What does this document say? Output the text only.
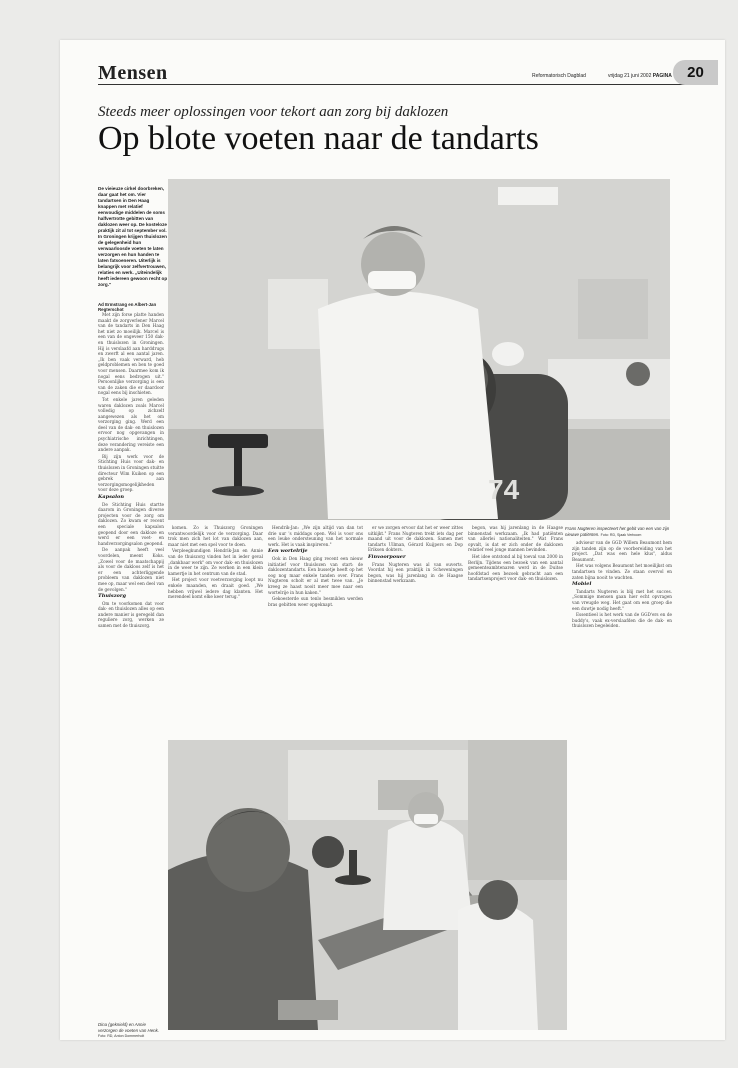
Mensen	Reformatorisch Dagblad	vrijdag 21 juni 2002 PAGINA	20
Steeds meer oplossingen voor tekort aan zorg bij daklozen
Op blote voeten naar de tandarts
De vieieuze cirkel doorbreken, daar gaat het om. Vier tandartsen in Den Haag knappen met relatief eenvoudige middelen de soms halfvertrotte gebitten van daklozen weer op. De kosteloze praktijk zit al tot september vol. In Groningen krijgen thuislozen de gelegenheid hun verwaarloosde voeten te laten verzorgen en hun handen te laten fatsoeneren. Uiterlijk is belangrijk voor zelfvertrouwen, relaties en werk. „Uiteindelijk heeft iedereen gewoon recht op zorg."
Ad Ermstrang en Albert-Jan Regterschot

Met zijn forse platte handen maakt de zorgverlener Marcel van de tandarts in Den Haag het niet zo moeilijk. Marcel is een van de ongeveer 150 dak- en thuislozen in Groningen. Hij is verslaafd aan harddrugs en zwerft al een aantal jaren. „Ik ben vaak verward, heb geldproblemen en ben te goed voor mensen. Daarmee kom ik nogal eens bedrogen uit." Persoonlijke verzorging is een van de zaken die er daardoor nogal eens bij inschieten.

Tot enkele jaren geleden waren daklozen zoals Marcel volledig op zichzelf aangewezen als het om verzorging ging. Werd een deel van de dak- en thuislozen ervoor nog opgevangen in psychiatrische inrichtingen, deze verandering vereiste een andere aanpak.

Bij zijn werk voor de Stichting Huis voor dak- en thuislozen in Groningen stuitte directeur Wim Kuiken op een gebrek aan verzorgingsmogelijkheden voor deze groep.

Kapsalon

De Stichting Huis startte daarom in Groningen diverse projecten voor de zorg om daklozen. Zo kwam er recent een speciale kapsalon geopend door een dakloze en werd er een voet- en handverzorgingsalon geopend.

De aanpak heeft veel voordelen, meent Koks. „Zowel voor de maatschappij als voor de dakloos zelf is het er een achterliggende probleem van daklozen niet mee op, maar wel een deel van de gevolgen."

Thuiszorg

Om te voorkomen dat voor dak- en thuislozen alles op een andere manier is geregeld dan reguliere zorg, werken ze samen met de thuiszorg.

Dina (geknield) en Annie verzorgen de voeten van Henk. Foto: RD, Anton Dommerholt
74
Frans Nugteren inspecteert het gebit van een van zijn nieuwe patiënten. Foto: RD, Sjaak Verboom

komen. Zo is Thuiszorg Groningen verantwoordelijk voor de verzorging. Daar trok men zich het lot van daklozen aan, maar niet met een spel voor te doen.

Verpleegkundigen Hendrik-Jan en Annie van de thuiszorg vinden het in ieder geval „dankbaar werk" om voor dak- en thuislozen in de weer te zijn. Ze werken in een klein kamertje in het centrum van de stad.

Het project voor voetverzorging loopt nu enkele maanden, en draait goed. „We hebben vrijwel iedere dag klanten. Het merendeel komt elke keer terug."

Hendrik-Jan: „We zijn altijd van dan tot drie uur 's middags open. Wel is voor ons een leuke ondersteuning van het normale werk. Het is vaak inspireren."

Een wortelrije

Ook in Den Haag ging recent een nieuw initiatief voor thuislozen van start: de daklozentandarts. Een bussetje heeft op het oog nog maar enkele tanden over. Frans Nugteren scholt er al met twee van. „Je kreeg ze haast nooit meer mee naar een wortelrije in hun kaken."

Gekoesterde sun tenlo besmiklen werden bras gebitten weer opgeknapt.

er we zorgen ervoor dat het er weer zittes uitkijkt." Frans Nugteren trekt iets dag per maand uit voor de daklozen. Samen met tandarts Ullman, Gérard Kuijpers en Dop Eriksen dokters.

Finvoorpouer

Frans Nugteren was al van ouverts. Voordat hij een praktijk in Scheveningen begon, was hij jarenlang in de Haagse binnenstad werkzaam.

begon, was hij jarenlang in de Haagse binnenstad werkzaam. „Ik had patiënten van allerlei nationaliteiten." Wat Frans opvalt, is dat er zich onder de daklozen relatief veel jonge mannen bevinden.

Het idee ontstond al bij toeval van 2000 in Berlijn. Tijdens een bezoek van een aantal gemeenteambtenaren werd in de Duitse hoofdstad een bezoek gebracht aan een tandartsenproject voor dak- en thuislozen.

adviseur van de GGD Willem Beaumont hem zijn tanden zijn op de voorbereiding van het project. „Dat was een hele klus", aldus Beaumont.

Het was volgens Beaumont het moeilijkst om tandartsen te vinden. Ze staan overvol en zaten bijna nooit te wachten.

Mobiel

Tandarts Nugteren is blij met het succes. „Sommige mensen gaan hier echt opvragen van vreugde weg. Het gaat om een groep die een duwtje nodig heeft."

Essentieel is het werk van de GGD'ers en de buddy's, vaak ex-verslaafden die de dak- en thuislozen begeleiden.
